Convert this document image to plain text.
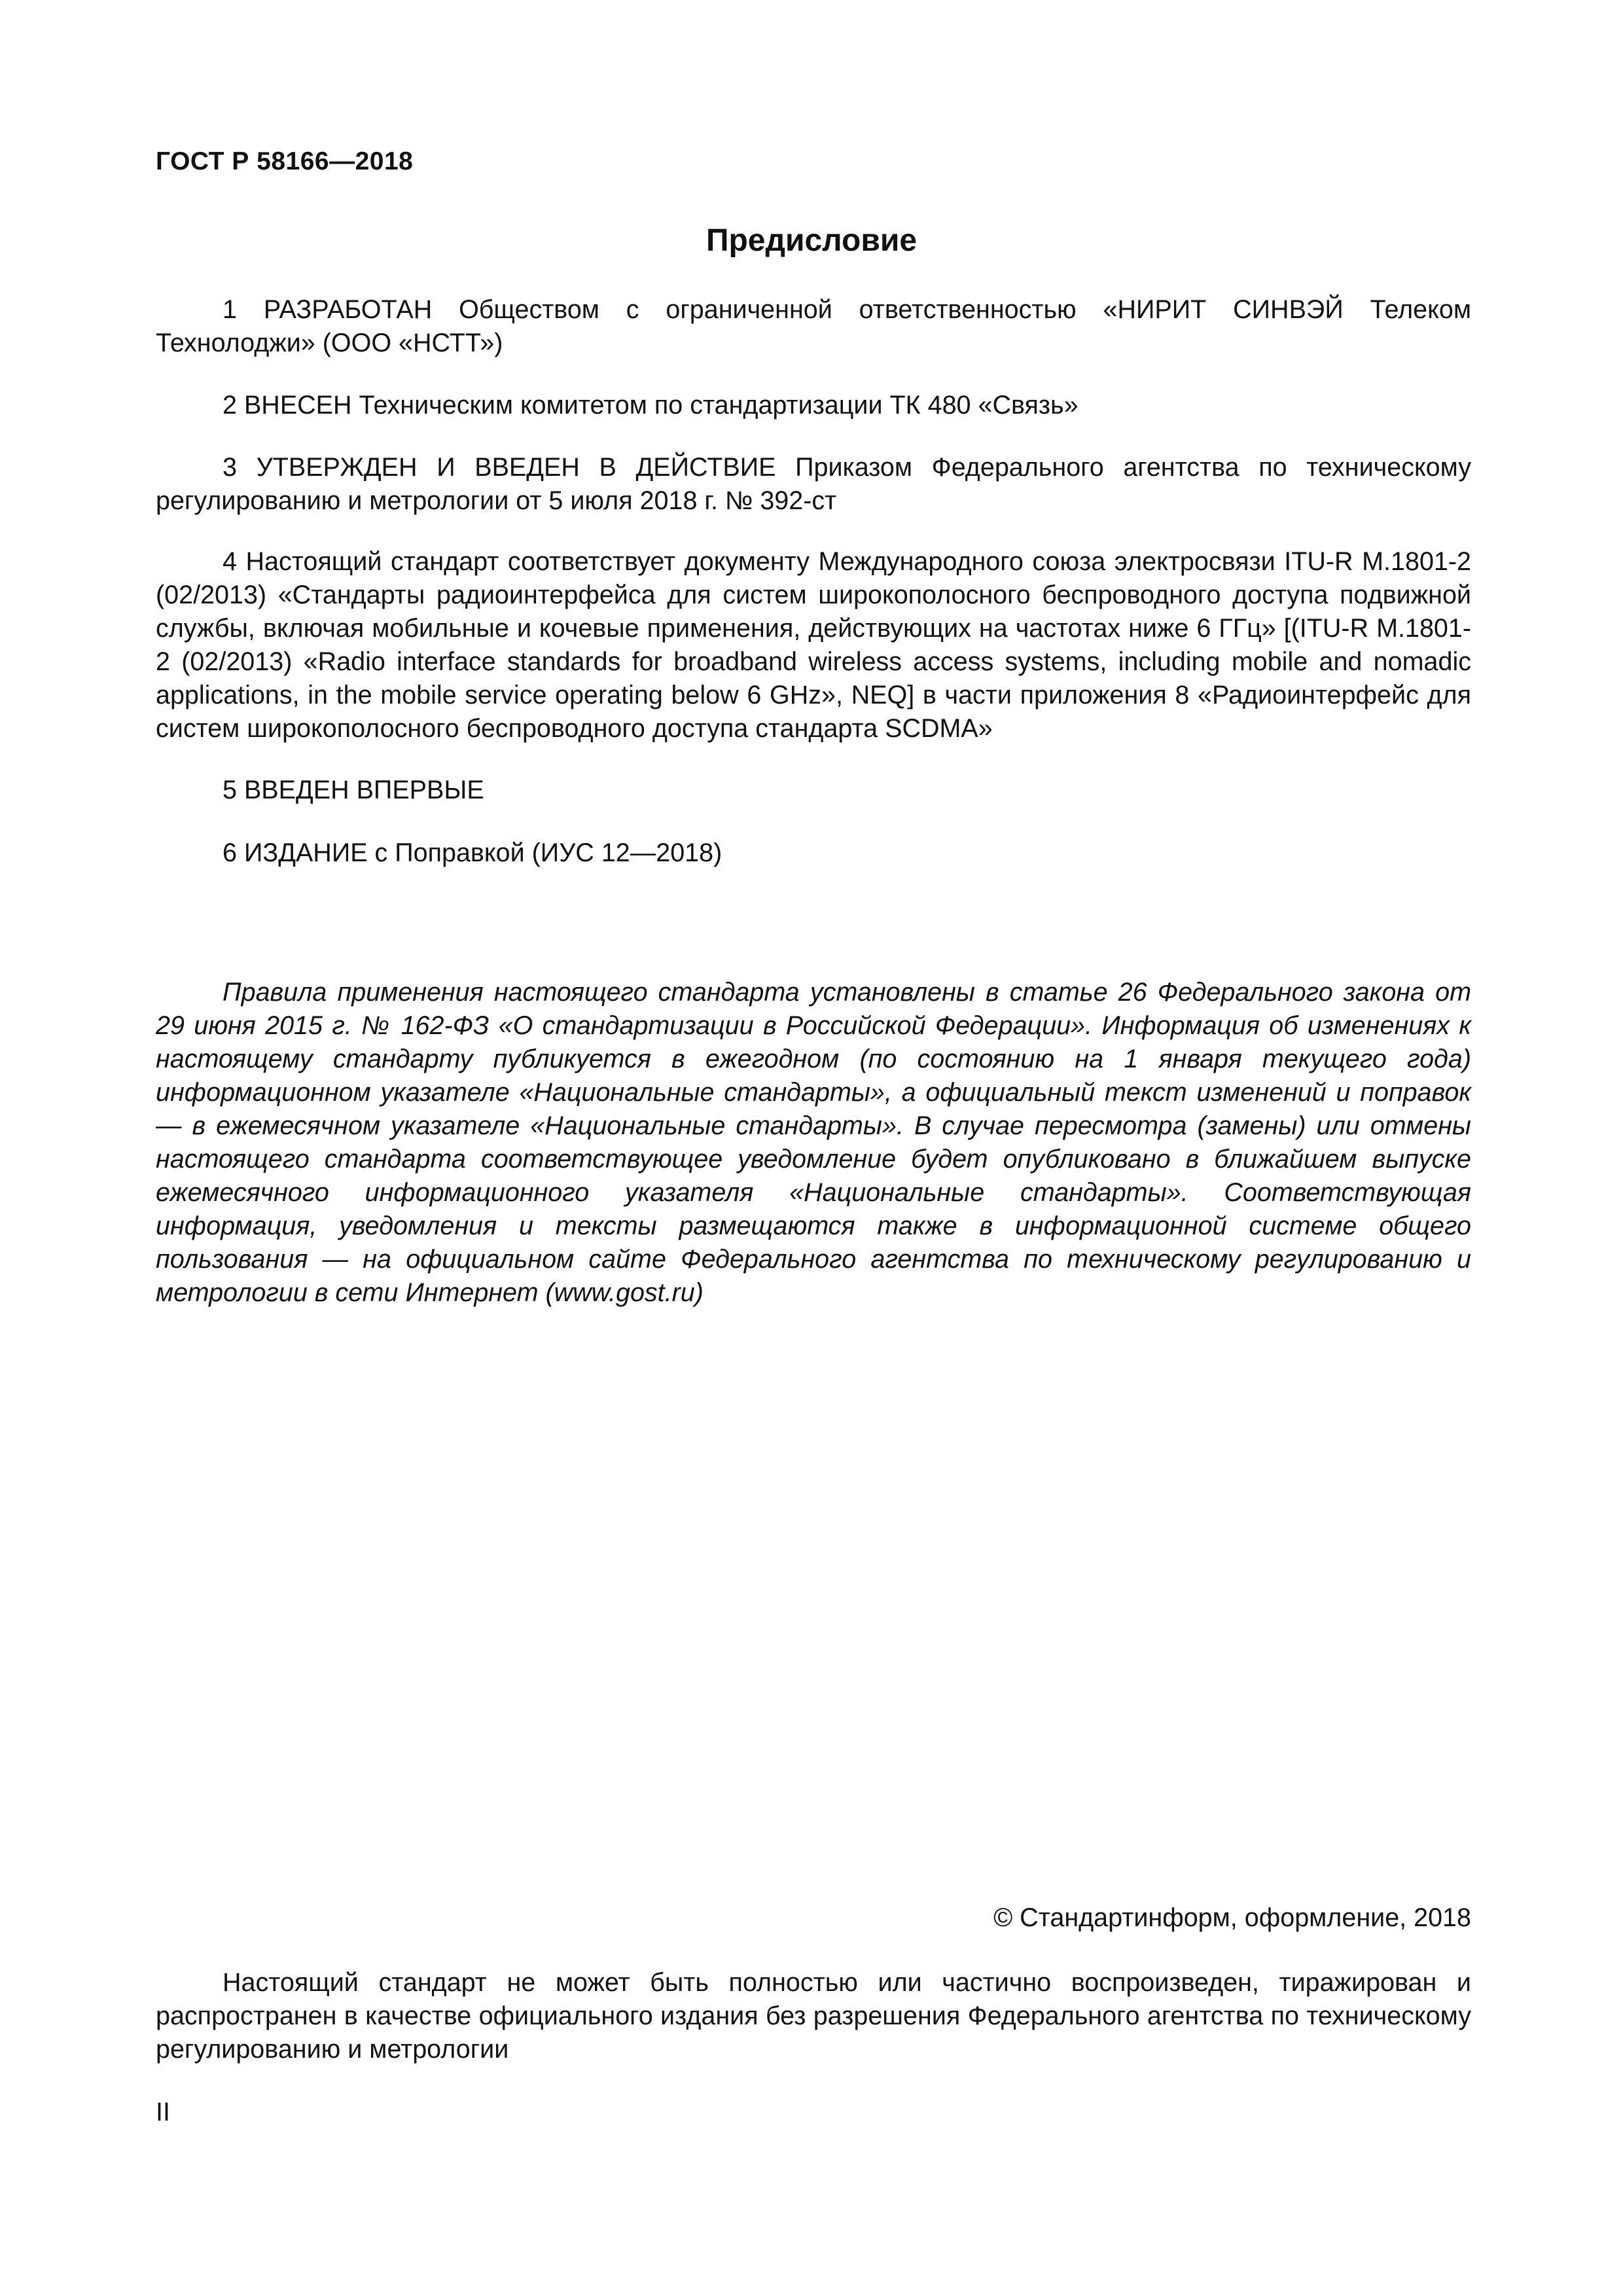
ГОСТ Р 58166—2018
Предисловие

1 РАЗРАБОТАН Обществом с ограниченной ответственностью «НИРИТ СИНВЭЙ Телеком Технолоджи» (ООО «НСТТ»)

2 ВНЕСЕН Техническим комитетом по стандартизации ТК 480 «Связь»

3 УТВЕРЖДЕН И ВВЕДЕН В ДЕЙСТВИЕ Приказом Федерального агентства по техническому регулированию и метрологии от 5 июля 2018 г. № 392-ст

4 Настоящий стандарт соответствует документу Международного союза электросвязи ITU-R M.1801-2 (02/2013) «Стандарты радиоинтерфейса для систем широкополосного беспроводного доступа подвижной службы, включая мобильные и кочевые применения, действующих на частотах ниже 6 ГГц» [(ITU-R M.1801-2 (02/2013) «Radio interface standards for broadband wireless access systems, including mobile and nomadic applications, in the mobile service operating below 6 GHz», NEQ] в части приложения 8 «Радиоинтерфейс для систем широкополосного беспроводного доступа стандарта SCDMA»

5 ВВЕДЕН ВПЕРВЫЕ

6 ИЗДАНИЕ с Поправкой (ИУС 12—2018)

Правила применения настоящего стандарта установлены в статье 26 Федерального закона от 29 июня 2015 г. № 162-ФЗ «О стандартизации в Российской Федерации». Информация об изменениях к настоящему стандарту публикуется в ежегодном (по состоянию на 1 января текущего года) информационном указателе «Национальные стандарты», а официальный текст изменений и поправок — в ежемесячном указателе «Национальные стандарты». В случае пересмотра (замены) или отмены настоящего стандарта соответствующее уведомление будет опубликовано в ближайшем выпуске ежемесячного информационного указателя «Национальные стандарты». Соответствующая информация, уведомления и тексты размещаются также в информационной системе общего пользования — на официальном сайте Федерального агентства по техническому регулированию и метрологии в сети Интернет (www.gost.ru)

© Стандартинформ, оформление, 2018

Настоящий стандарт не может быть полностью или частично воспроизведен, тиражирован и распространен в качестве официального издания без разрешения Федерального агентства по техническому регулированию и метрологии

II
